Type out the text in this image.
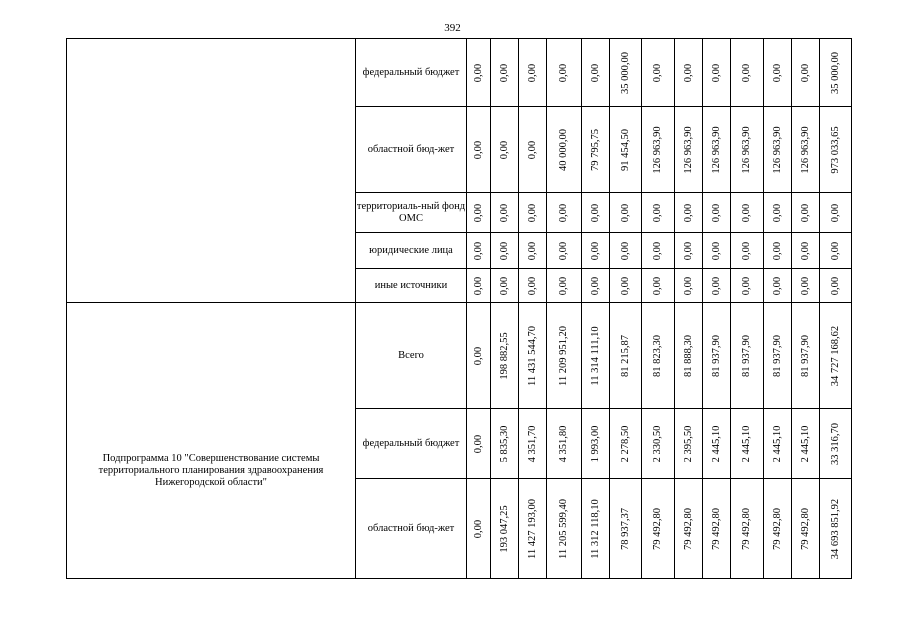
392
	федеральный бюджет	0,00	0,00	0,00	0,00	0,00	35 000,00	0,00	0,00	0,00	0,00	0,00	0,00	35 000,00

	областной бюд-жет	0,00	0,00	0,00	40 000,00	79 795,75	91 454,50	126 963,90	126 963,90	126 963,90	126 963,90	126 963,90	126 963,90	973 033,65

	территориаль-ный фонд ОМС	0,00	0,00	0,00	0,00	0,00	0,00	0,00	0,00	0,00	0,00	0,00	0,00	0,00

	юридические лица	0,00	0,00	0,00	0,00	0,00	0,00	0,00	0,00	0,00	0,00	0,00	0,00	0,00

	иные источники	0,00	0,00	0,00	0,00	0,00	0,00	0,00	0,00	0,00	0,00	0,00	0,00	0,00

Подпрограмма 10 "Совершенствование системы территориального планирования здравоохранения Нижегородской области"	Всего	0,00	198 882,55	11 431 544,70	11 209 951,20	11 314 111,10	81 215,87	81 823,30	81 888,30	81 937,90	81 937,90	81 937,90	81 937,90	34 727 168,62

	федеральный бюджет	0,00	5 835,30	4 351,70	4 351,80	1 993,00	2 278,50	2 330,50	2 395,50	2 445,10	2 445,10	2 445,10	2 445,10	33 316,70

	областной бюд-жет	0,00	193 047,25	11 427 193,00	11 205 599,40	11 312 118,10	78 937,37	79 492,80	79 492,80	79 492,80	79 492,80	79 492,80	79 492,80	34 693 851,92
